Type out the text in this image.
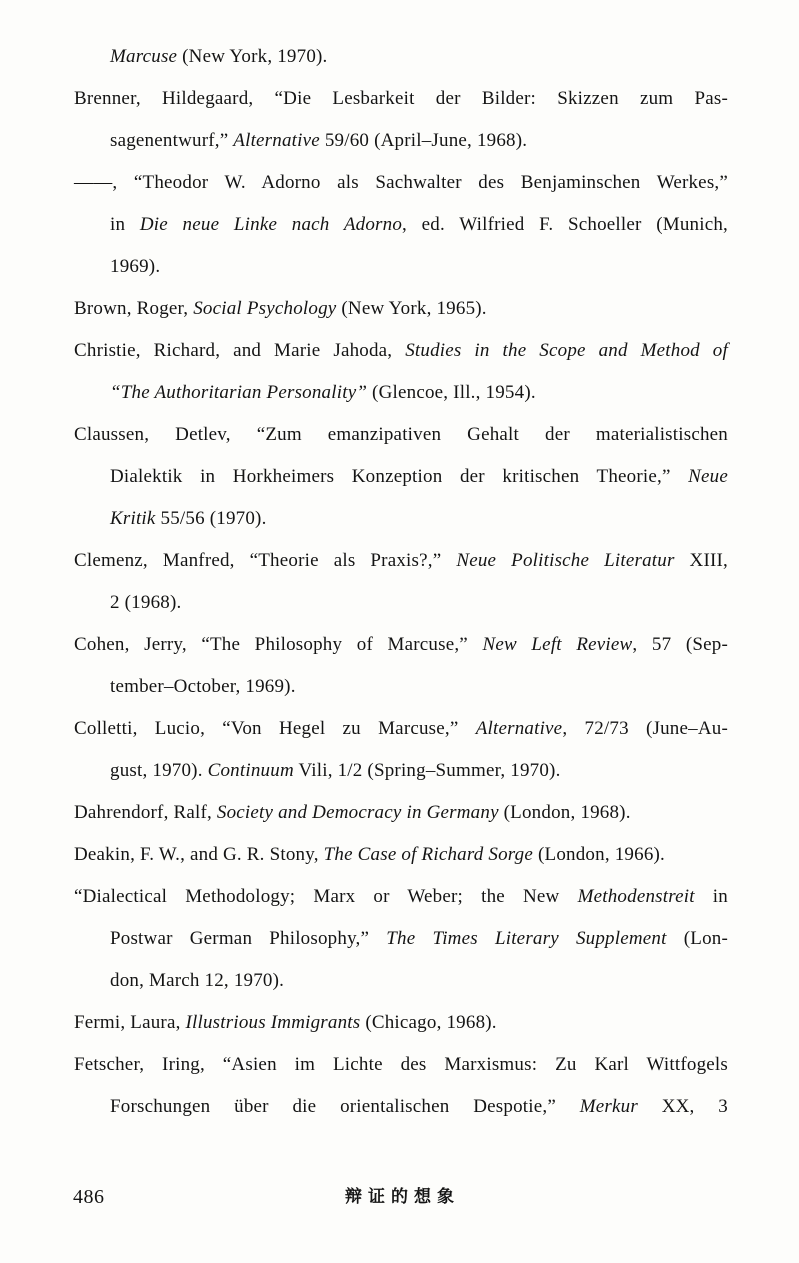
Marcuse (New York, 1970).
Brenner, Hildegaard, “Die Lesbarkeit der Bilder: Skizzen zum Pas-
sagenentwurf,” Alternative 59/60 (April–June, 1968).
——, “Theodor W. Adorno als Sachwalter des Benjaminschen Werkes,”
in Die neue Linke nach Adorno, ed. Wilfried F. Schoeller (Munich,
1969).
Brown, Roger, Social Psychology (New York, 1965).
Christie, Richard, and Marie Jahoda, Studies in the Scope and Method of
“The Authoritarian Personality” (Glencoe, Ill., 1954).
Claussen, Detlev, “Zum emanzipativen Gehalt der materialistischen
Dialektik in Horkheimers Konzeption der kritischen Theorie,” Neue
Kritik 55/56 (1970).
Clemenz, Manfred, “Theorie als Praxis?,” Neue Politische Literatur XIII,
2 (1968).
Cohen, Jerry, “The Philosophy of Marcuse,” New Left Review, 57 (Sep-
tember–October, 1969).
Colletti, Lucio, “Von Hegel zu Marcuse,” Alternative, 72/73 (June–Au-
gust, 1970). Continuum Vili, 1/2 (Spring–Summer, 1970).
Dahrendorf, Ralf, Society and Democracy in Germany (London, 1968).
Deakin, F. W., and G. R. Stony, The Case of Richard Sorge (London, 1966).
“Dialectical Methodology; Marx or Weber; the New Methodenstreit in
Postwar German Philosophy,” The Times Literary Supplement (Lon-
don, March 12, 1970).
Fermi, Laura, Illustrious Immigrants (Chicago, 1968).
Fetscher, Iring, “Asien im Lichte des Marxismus: Zu Karl Wittfogels
Forschungen über die orientalischen Despotie,” Merkur XX, 3
486	辩证的想象
